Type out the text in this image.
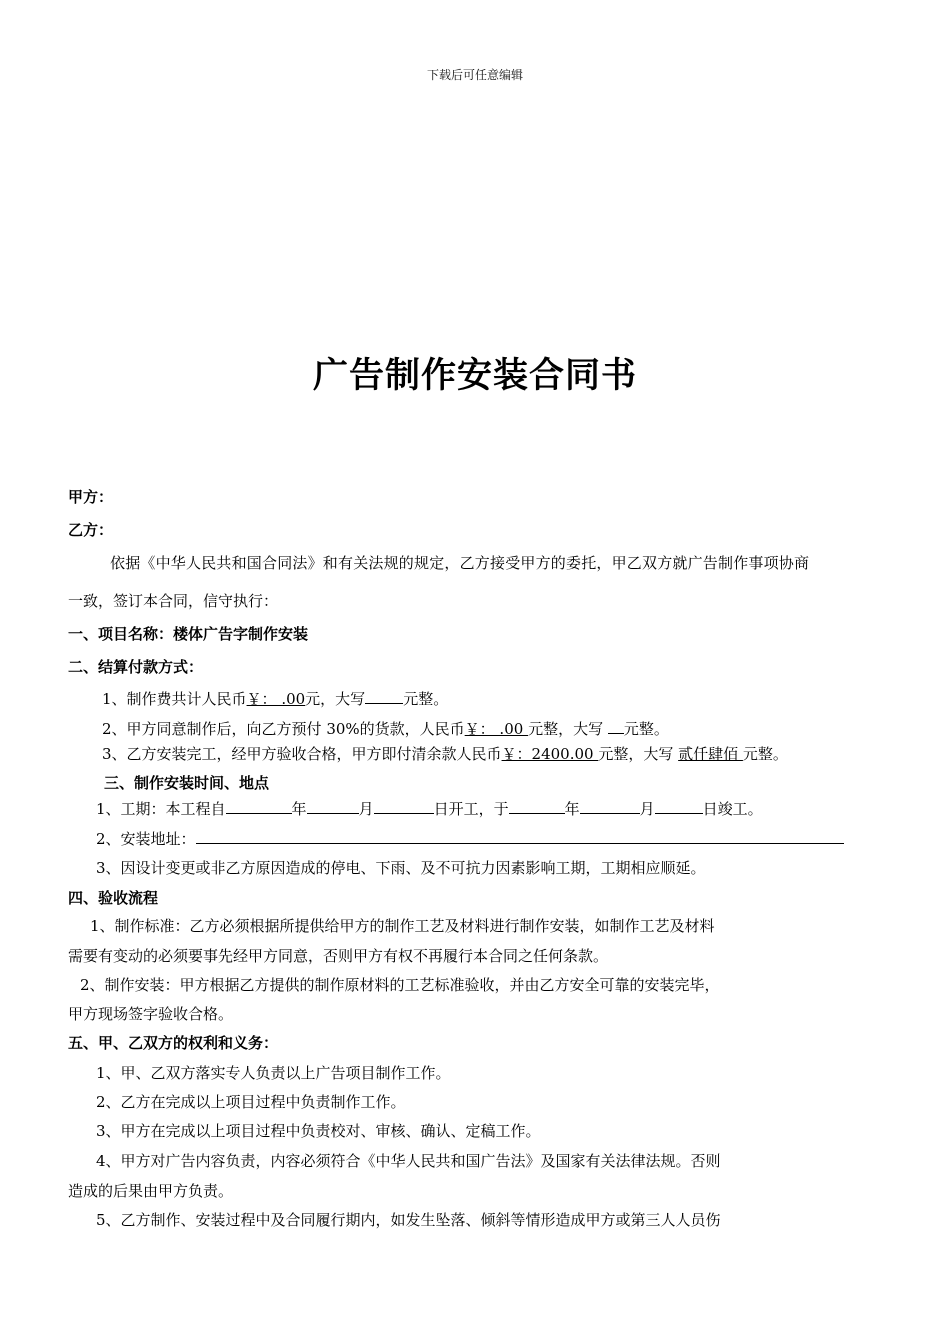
下载后可任意编辑
广告制作安装合同书
甲方：
乙方：
依据《中华人民共和国合同法》和有关法规的规定，乙方接受甲方的委托，甲乙双方就广告制作事项协商
一致，签订本合同，信守执行：
一、项目名称：楼体广告字制作安装
二、结算付款方式：
1、制作费共计人民币￥： .00元，大写	元整。
2、甲方同意制作后，向乙方预付 30%的货款，人民币￥： .00 元整，大写 元整。
3、乙方安装完工，经甲方验收合格，甲方即付清余款人民币￥：2400.00 元整，大写 贰仟肆佰 元整。
三、制作安装时间、地点
1、工期：本工程自	年	月	日开工，于	年	月	日竣工。
2、安装地址：
3、因设计变更或非乙方原因造成的停电、下雨、及不可抗力因素影响工期，工期相应顺延。
四、验收流程
1、制作标准：乙方必须根据所提供给甲方的制作工艺及材料进行制作安装，如制作工艺及材料
需要有变动的必须要事先经甲方同意，否则甲方有权不再履行本合同之任何条款。
2、制作安装：甲方根据乙方提供的制作原材料的工艺标准验收，并由乙方安全可靠的安装完毕，
甲方现场签字验收合格。
五、甲、乙双方的权利和义务：
1、甲、乙双方落实专人负责以上广告项目制作工作。
2、乙方在完成以上项目过程中负责制作工作。
3、甲方在完成以上项目过程中负责校对、审核、确认、定稿工作。
4、甲方对广告内容负责，内容必须符合《中华人民共和国广告法》及国家有关法律法规。否则
造成的后果由甲方负责。
5、乙方制作、安装过程中及合同履行期内，如发生坠落、倾斜等情形造成甲方或第三人人员伤
